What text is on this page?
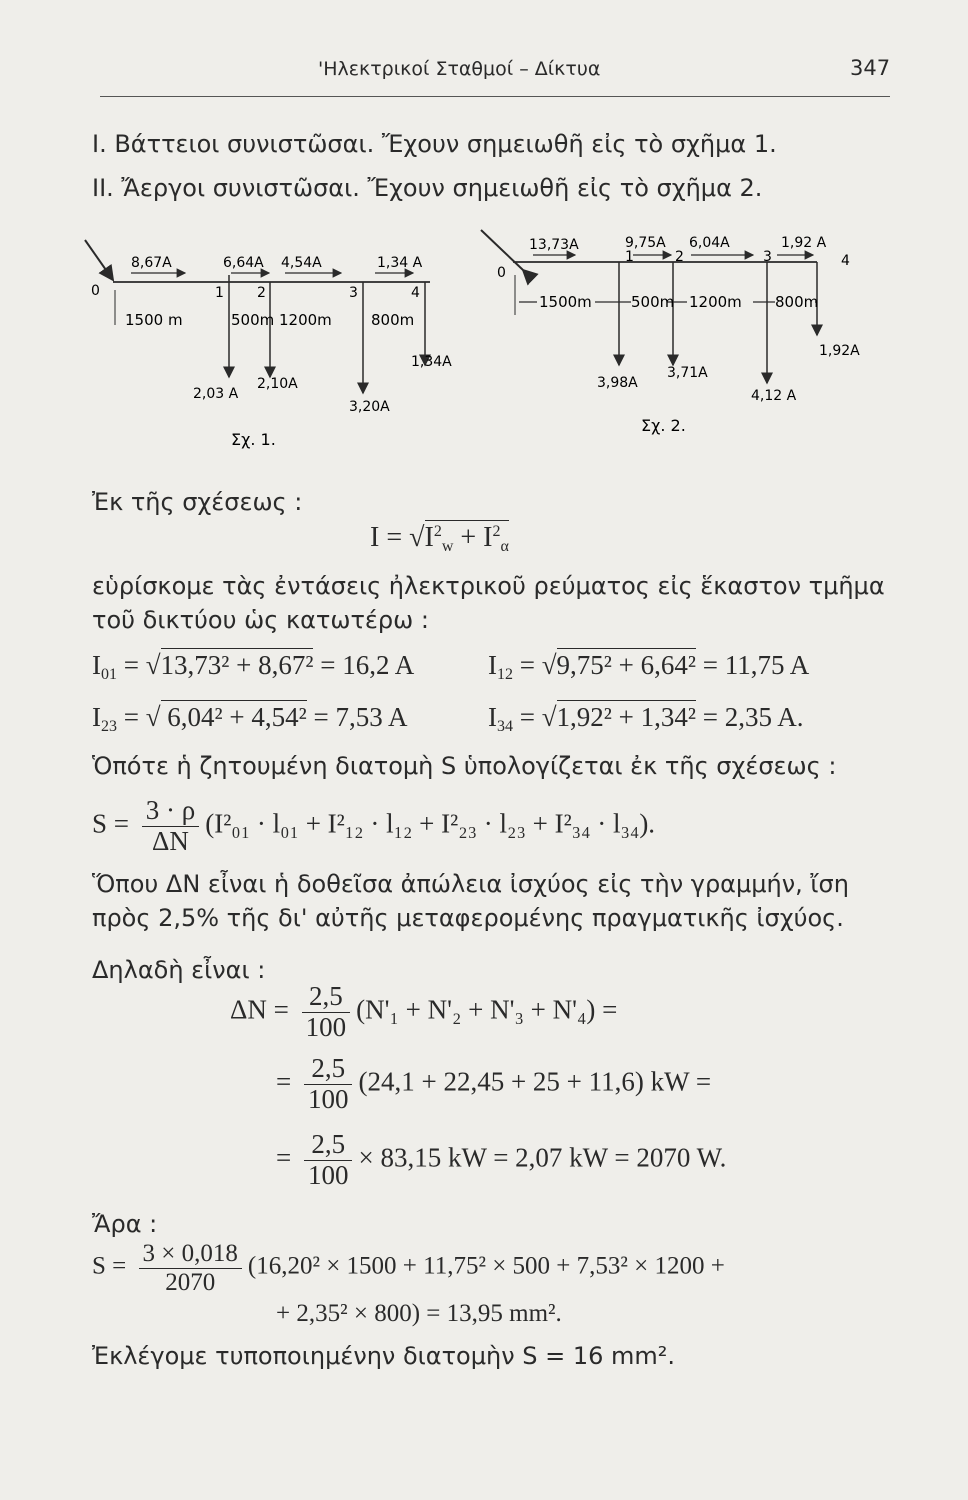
'Ηλεκτρικοί Σταθμοί – Δίκτυα	347
Ι. Βάττειοι συνιστῶσαι. Ἔχουν σημειωθῆ εἰς τὸ σχῆμα 1.
ΙΙ. Ἄεργοι συνιστῶσαι. Ἔχουν σημειωθῆ εἰς τὸ σχῆμα 2.
8,67A	6,64A 4,54A	1,34 A
0	1 2	3	4
1500 m	500m 1200m	800m
2,03 A
2,10A
3,20A
1,34A
Σχ. 1.
13,73A	9,75A 6,04A	1,92 A
0
1	2	3	4
1500m	500m 1200m 800m
3,98A
3,71A
4,12 A
1,92A
Σχ. 2.
Ἐκ τῆς σχέσεως :
$I = √I^2_w + I^2_\alpha$
εὑρίσκομε τὰς ἐντάσεις ἠλεκτρικοῦ ρεύματος εἰς ἕκαστον τμῆμα
τοῦ δικτύου ὡς κατωτέρω :
$I_{01} = √13,73^2 + 8,67^2 = 16,2$ A	$I_{12} = √9,75^2 + 6,64^2 = 11,75$ A
$I_{23}$ = √ 6,04² + 4,54² = 7,53 A	$I_{34} = √1,92^2 + 1,34^2 = 2,35$ A.
Ὁπότε ἡ ζητουμένη διατομὴ S ὑπολογίζεται ἐκ τῆς σχέσεως :
$S = \frac{3 \cdot \rho}{\Delta N} (I^2_{01} \cdot l_{01} + I^2_{12} \cdot l_{12} + I^2_{23} \cdot l_{23} + I^2_{34} \cdot l_{34})$.
Ὅπου ΔΝ εἶναι ἡ δοθεῖσα ἀπώλεια ἰσχύος εἰς τὴν γραμμήν, ἴση
πρὸς 2,5% τῆς δι' αὐτῆς μεταφερομένης πραγματικῆς ἰσχύος.
Δηλαδὴ εἶναι :
$\Delta N = \frac{2,5}{100} (N'_1 + N'_2 + N'_3 + N'_4)$ =
= $\frac{2,5}{100} (24,1 + 22,45 + 25 + 11,6)$ kW =
= $\frac{2,5}{100} \times 83,15$ kW = 2,07 kW = 2070 W.
Ἄρα :
$S = \frac{3 \times 0,018}{2070} (16,20^2 \times 1500 + 11,75^2 \times 500 + 7,53^2 \times 1200$ +
+ 2,35² × 800) = 13,95 mm².
Ἐκλέγομε τυποποιημένην διατομὴν S = 16 mm².
